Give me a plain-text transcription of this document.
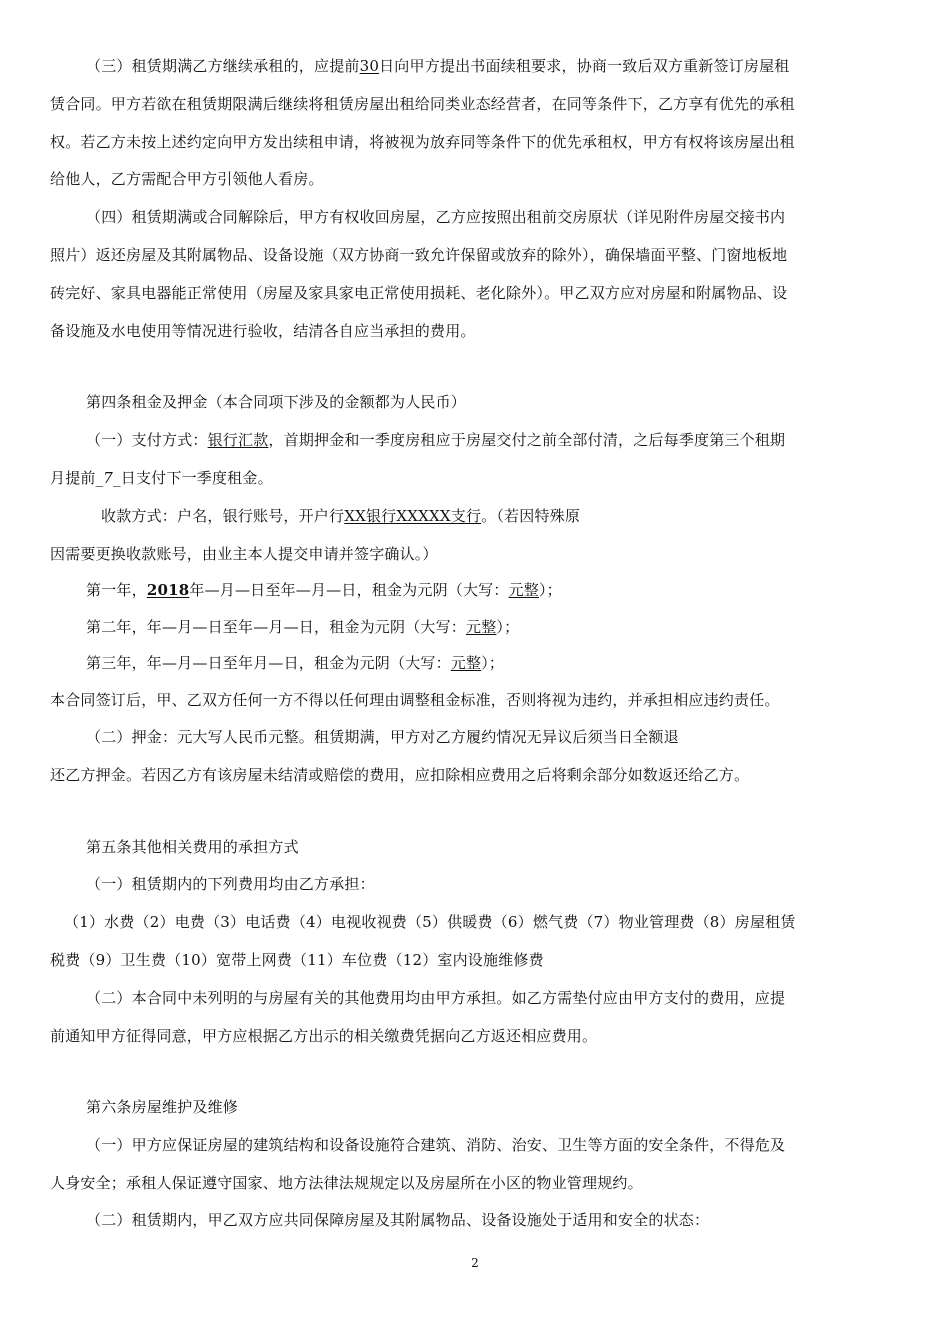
（三）租赁期满乙方继续承租的，应提前30日向甲方提出书面续租要求，协商一致后双方重新签订房屋租
赁合同。甲方若欲在租赁期限满后继续将租赁房屋出租给同类业态经营者，在同等条件下，乙方享有优先的承租
权。若乙方未按上述约定向甲方发出续租申请，将被视为放弃同等条件下的优先承租权，甲方有权将该房屋出租
给他人，乙方需配合甲方引领他人看房。
（四）租赁期满或合同解除后，甲方有权收回房屋，乙方应按照出租前交房原状（详见附件房屋交接书内
照片）返还房屋及其附属物品、设备设施（双方协商一致允许保留或放弃的除外），确保墙面平整、门窗地板地
砖完好、家具电器能正常使用（房屋及家具家电正常使用损耗、老化除外）。甲乙双方应对房屋和附属物品、设
备设施及水电使用等情况进行验收，结清各自应当承担的费用。
第四条租金及押金（本合同项下涉及的金额都为人民币）
（一）支付方式：银行汇款，首期押金和一季度房租应于房屋交付之前全部付清，之后每季度第三个租期
月提前_7_日支付下一季度租金。
收款方式：户名，银行账号，开户行XX银行XXXXX支行。（若因特殊原
因需要更换收款账号，由业主本人提交申请并签字确认。）
第一年，2018年—月—日至年—月—日，租金为元阴（大写：元整）；
第二年，年—月—日至年—月—日，租金为元阴（大写：元整）；
第三年，年—月—日至年月—日，租金为元阴（大写：元整）；
本合同签订后，甲、乙双方任何一方不得以任何理由调整租金标准，否则将视为违约，并承担相应违约责任。
（二）押金：元大写人民币元整。租赁期满，甲方对乙方履约情况无异议后须当日全额退
还乙方押金。若因乙方有该房屋未结清或赔偿的费用，应扣除相应费用之后将剩余部分如数返还给乙方。
第五条其他相关费用的承担方式
（一）租赁期内的下列费用均由乙方承担：
（1）水费（2）电费（3）电话费（4）电视收视费（5）供暖费（6）燃气费（7）物业管理费（8）房屋租赁
税费（9）卫生费（10）宽带上网费（11）车位费（12）室内设施维修费
（二）本合同中未列明的与房屋有关的其他费用均由甲方承担。如乙方需垫付应由甲方支付的费用，应提
前通知甲方征得同意，甲方应根据乙方出示的相关缴费凭据向乙方返还相应费用。
第六条房屋维护及维修
（一）甲方应保证房屋的建筑结构和设备设施符合建筑、消防、治安、卫生等方面的安全条件，不得危及
人身安全；承租人保证遵守国家、地方法律法规规定以及房屋所在小区的物业管理规约。
（二）租赁期内，甲乙双方应共同保障房屋及其附属物品、设备设施处于适用和安全的状态：
2
